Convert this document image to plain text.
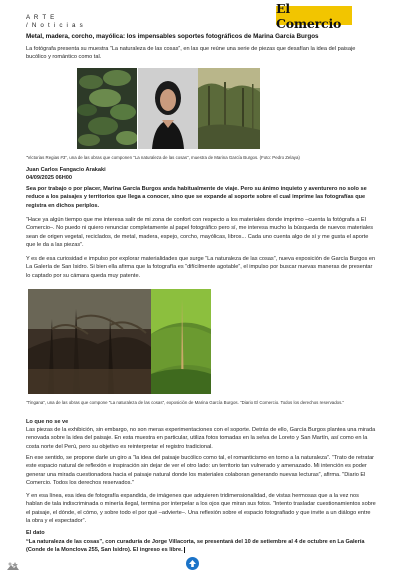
A R T E
/ N o t i c i a s
El Comercio
Metal, madera, corcho, mayólica: los impensables soportes fotográficos de Marina García Burgos
La fotógrafa presenta su muestra “La naturaleza de las cosas”, en las que reúne una serie de piezas que desafían la idea del paisaje bucólico y romántico como tal.
"Victorias Regias #3", una de las obras que componen "La naturaleza de las cosas", muestra de Marina García Burgos. (Foto: Pedro Zelaya)
Juan Carlos Fangacio Arakaki
04/09/2025 06H00
Sea por trabajo o por placer, Marina García Burgos anda habitualmente de viaje. Pero su ánimo inquieto y aventurero no solo se reduce a los paisajes y territorios que llega a conocer, sino que se expande al soporte sobre el cual imprime las fotografías que registra en dichos periplos.
“Hace ya algún tiempo que me interesa salir de mi zona de confort con respecto a los materiales donde imprimo –cuenta la fotógrafa a El Comercio–. No puedo ni quiero renunciar completamente al papel fotográfico pero sí, me interesa mucho la búsqueda de nuevos materiales sean de origen vegetal, reciclados, de metal, madera, espejo, corcho, mayólicas, libros... Cada uno cuenta algo de sí y me gusta el aporte que le da a las piezas”.
Y es de esa curiosidad e impulso por explorar materialidades que surge “La naturaleza de las cosas”, nueva exposición de García Burgos en La Galería de San Isidro. Si bien ella afirma que la fotografía es “difícilmente agotable”, el impulso por buscar nuevas maneras de presentar lo captado por su cámara queda muy patente.
"Tingana", una de las obras que compone "La naturaleza de las cosas", exposición de Marina García Burgos. "Diario El Comercio. Todos los derechos reservados."
Lo que no se ve
Las piezas de la exhibición, sin embargo, no son meras experimentaciones con el soporte. Detrás de ello, García Burgos plantea una mirada renovada sobre la idea del paisaje. En esta muestra en particular, utiliza fotos tomadas en la selva de Loreto y San Martín, así como en la costa norte del Perú, pero su objetivo es reinterpretar el registro tradicional.
En ese sentido, se propone darle un giro a “la idea del paisaje bucólico como tal, el romanticismo en torno a la naturaleza”. “Trato de retratar este espacio natural de reflexión e inspiración sin dejar de ver el otro lado: un territorio tan vulnerado y amenazado. Mi intención es poder generar una mirada cuestionadora hacia el paisaje natural donde los materiales colaboran generando nuevas lecturas”, afirma. "Diario El Comercio. Todos los derechos reservados."
Y en esa línea, esa idea de fotografía expandida, de imágenes que adquieren tridimensionalidad, de vistas hermosas que a la vez nos hablan de tala indiscriminada o minería ilegal, termina por interpelar a los ojos que miran sus fotos. “Intento trasladar cuestionamientos sobre el paisaje, el dónde, el cómo, y sobre todo el por qué –advierte–. Una reflexión sobre el espacio fotografiado y que invite a un diálogo entre la obra y el espectador”.
El dato
“La naturaleza de las cosas”, con curaduría de Jorge Villacorta, se presentará del 10 de setiembre al 4 de octubre en La Galería (Conde de la Monclova 255, San Isidro). El ingreso es libre.
